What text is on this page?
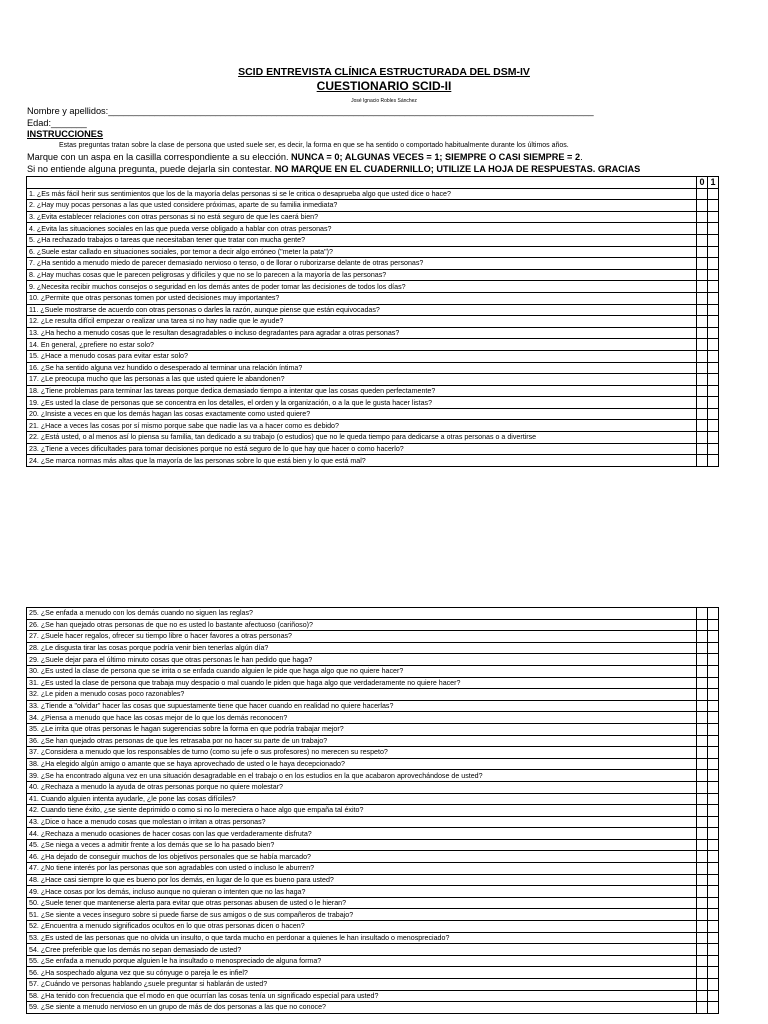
SCID ENTREVISTA CLÍNICA ESTRUCTURADA DEL DSM-IV
CUESTIONARIO SCID-II
José Ignacio Robles Sánchez
Nombre y apellidos:_______________________________________________________________________________________________
Edad:_______
INSTRUCCIONES
Estas preguntas tratan sobre la clase de persona que usted suele ser, es decir, la forma en que se ha sentido o comportado habitualmente durante los últimos años.
Marque con un aspa en la casilla correspondiente a su elección. NUNCA = 0; ALGUNAS VECES = 1; SIEMPRE O CASI SIEMPRE = 2.
Si no entiende alguna pregunta, puede dejarla sin contestar. NO MARQUE EN EL CUADERNILLO; UTILIZE LA HOJA DE RESPUESTAS. GRACIAS
	0	1
1. ¿Es más fácil herir sus sentimientos que los de la mayoría delas personas si se le critica o desaprueba algo que usted dice o hace?		
2. ¿Hay muy pocas personas a las que usted considere próximas, aparte de su familia inmediata?		
3. ¿Evita establecer relaciones con otras personas si no está seguro de que les caerá bien?		
4. ¿Evita las situaciones sociales en las que pueda verse obligado a hablar con otras personas?		
5. ¿Ha rechazado trabajos o tareas que necesitaban tener que tratar con mucha gente?		
6. ¿Suele estar callado en situaciones sociales, por temor a decir algo erróneo ("meter la pata")?		
7. ¿Ha sentido a menudo miedo de parecer demasiado nervioso o tenso, o de llorar o ruborizarse delante de otras personas?		
8. ¿Hay muchas cosas que le parecen peligrosas y difíciles y que no se lo parecen a la mayoría de las personas?		
9. ¿Necesita recibir muchos consejos o seguridad en los demás antes de poder tomar las decisiones de todos los días?		
10. ¿Permite que otras personas tomen por usted decisiones muy importantes?		
11. ¿Suele mostrarse de acuerdo con otras personas o darles la razón, aunque piense que están equivocadas?		
12. ¿Le resulta difícil empezar o realizar una tarea si no hay nadie que le ayude?		
13. ¿Ha hecho a menudo cosas que le resultan desagradables o incluso degradantes para agradar a otras personas?		
14. En general, ¿prefiere no estar solo?		
15. ¿Hace a menudo cosas para evitar estar solo?		
16. ¿Se ha sentido alguna vez hundido o desesperado al terminar una relación íntima?		
17. ¿Le preocupa mucho que las personas a las que usted quiere le abandonen?		
18. ¿Tiene problemas para terminar las tareas porque dedica demasiado tiempo a intentar que las cosas queden perfectamente?		
19. ¿Es usted la clase de personas que se concentra en los detalles, el orden y la organización, o a la que le gusta hacer listas?		
20. ¿Insiste a veces en que los demás hagan las cosas exactamente como usted quiere?		
21. ¿Hace a veces las cosas por sí mismo porque sabe que nadie las va a hacer como es debido?		
22. ¿Está usted, o al menos así lo piensa su familia, tan dedicado a su trabajo (o estudios) que no le queda tiempo para dedicarse a otras personas o a divertirse		
23. ¿Tiene a veces dificultades para tomar decisiones porque no está seguro de lo que hay que hacer o como hacerlo?		
24. ¿Se marca normas más altas que la mayoría de las personas sobre lo que está bien y lo que está mal?		
25. ¿Se enfada a menudo con los demás cuando no siguen las reglas?		
26. ¿Se han quejado otras personas de que no es usted lo bastante afectuoso (cariñoso)?		
27. ¿Suele hacer regalos, ofrecer su tiempo libre o hacer favores a otras personas?		
28. ¿Le disgusta tirar las cosas porque podría venir bien tenerlas algún día?		
29. ¿Suele dejar para el último minuto cosas que otras personas le han pedido que haga?		
30. ¿Es usted la clase de persona que se irrita o se enfada cuando alguien le pide que haga algo que no quiere hacer?		
31. ¿Es usted la clase de persona que trabaja muy despacio o mal cuando le piden que haga algo que verdaderamente no quiere hacer?		
32. ¿Le piden a menudo cosas poco razonables?		
33. ¿Tiende a "olvidar" hacer las cosas que supuestamente tiene que hacer cuando en realidad no quiere hacerlas?		
34. ¿Piensa a menudo que hace las cosas mejor de lo que los demás reconocen?		
35. ¿Le irrita que otras personas le hagan sugerencias sobre la forma en que podría trabajar mejor?		
36. ¿Se han quejado otras personas de que les retrasaba por no hacer su parte de un trabajo?		
37. ¿Considera a menudo que los responsables de turno (como su jefe o sus profesores) no merecen su respeto?		
38. ¿Ha elegido algún amigo o amante que se haya aprovechado de usted o le haya decepcionado?		
39. ¿Se ha encontrado alguna vez en una situación desagradable en el trabajo o en los estudios en la que acabaron aprovechándose de usted?		
40. ¿Rechaza a menudo la ayuda de otras personas porque no quiere molestar?		
41. Cuando alguien intenta ayudarle, ¿le pone las cosas difíciles?		
42. Cuando tiene éxito, ¿se siente deprimido o como si no lo mereciera o hace algo que empaña tal éxito?		
43. ¿Dice o hace a menudo cosas que molestan o irritan a otras personas?		
44. ¿Rechaza a menudo ocasiones de hacer cosas con las que verdaderamente disfruta?		
45. ¿Se niega a veces a admitir frente a los demás que se lo ha pasado bien?		
46. ¿Ha dejado de conseguir muchos de los objetivos personales que se había marcado?		
47. ¿No tiene interés por las personas que son agradables con usted o incluso le aburren?		
48. ¿Hace casi siempre lo que es bueno por los demás, en lugar de lo que es bueno para usted?		
49. ¿Hace cosas por los demás, incluso aunque no quieran o intenten que no las haga?		
50. ¿Suele tener que mantenerse alerta para evitar que otras personas abusen de usted o le hieran?		
51. ¿Se siente a veces inseguro sobre si puede fiarse de sus amigos o de sus compañeros de trabajo?		
52. ¿Encuentra a menudo significados ocultos en lo que otras personas dicen o hacen?		
53. ¿Es usted de las personas que no olvida un insulto, o que tarda mucho en perdonar a quienes le han insultado o menospreciado?		
54. ¿Cree preferible que los demás no sepan demasiado de usted?		
55. ¿Se enfada a menudo porque alguien le ha insultado o menospreciado de alguna forma?		
56. ¿Ha sospechado alguna vez que su cónyuge o pareja le es infiel?		
57. ¿Cuándo ve personas hablando ¿suele preguntar si hablarán de usted?		
58. ¿Ha tenido con frecuencia que el modo en que ocurrían las cosas tenía un significado especial para usted?		
59. ¿Se siente a menudo nervioso en un grupo de más de dos personas a las que no conoce?		
